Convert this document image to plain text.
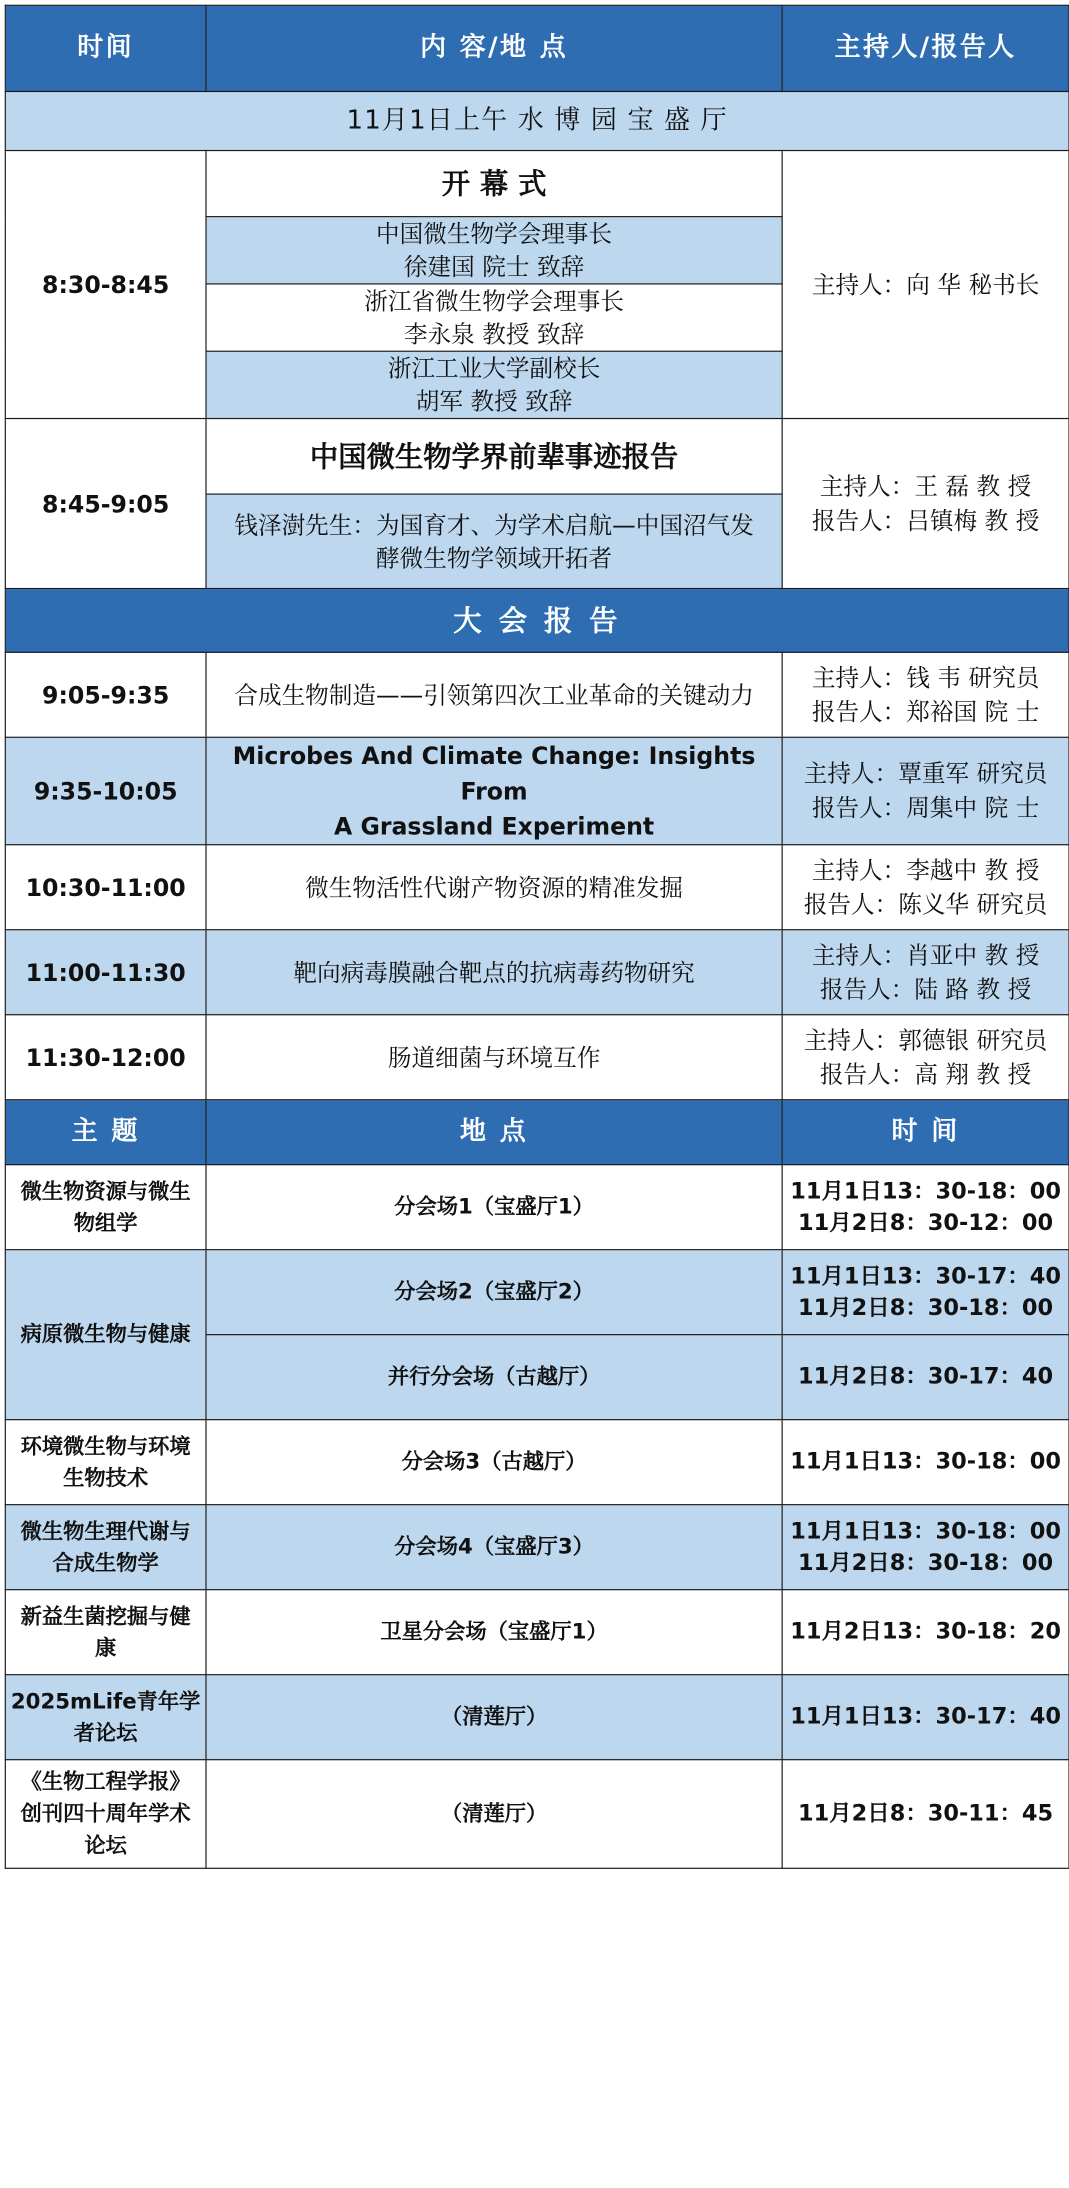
时间	内 容/地 点	主持人/报告人
11月1日上午 水 博 园 宝 盛 厅		
8:30-8:45	开 幕 式	主持人：向 华 秘书长

	中国微生物学会理事长
徐建国 院士 致辞	

	浙江省微生物学会理事长
李永泉 教授 致辞	

	浙江工业大学副校长
胡军 教授 致辞	

8:45-9:05	中国微生物学界前辈事迹报告	主持人：王 磊 教 授
报告人：吕镇梅 教 授

	钱泽澍先生：为国育才、为学术启航—中国沼气发
酵微生物学领域开拓者	

大 会 报 告		
9:05-9:35	合成生物制造——引领第四次工业革命的关键动力	主持人：钱 韦 研究员
报告人：郑裕国 院 士

9:35-10:05	Microbes And Climate Change: Insights From
A Grassland Experiment	主持人：覃重军 研究员
报告人：周集中 院 士

10:30-11:00	微生物活性代谢产物资源的精准发掘	主持人：李越中 教 授
报告人：陈义华 研究员

11:00-11:30	靶向病毒膜融合靶点的抗病毒药物研究	主持人：肖亚中 教 授
报告人：陆 路 教 授

11:30-12:00	肠道细菌与环境互作	主持人：郭德银 研究员
报告人：高 翔 教 授

主 题	地 点	时 间
微生物资源与微生物组学	分会场1（宝盛厅1）	11月1日13：30-18：00
11月2日8：30-12：00

病原微生物与健康	分会场2（宝盛厅2）	11月1日13：30-17：40
11月2日8：30-18：00

	并行分会场（古越厅）	11月2日8：30-17：40
环境微生物与环境生物技术	分会场3（古越厅）	11月1日13：30-18：00
微生物生理代谢与合成生物学	分会场4（宝盛厅3）	11月1日13：30-18：00
11月2日8：30-18：00

新益生菌挖掘与健康	卫星分会场（宝盛厅1）	11月2日13：30-18：20
2025mLife青年学者论坛	（清莲厅）	11月1日13：30-17：40
《生物工程学报》创刊四十周年学术论坛	（清莲厅）	11月2日8：30-11：45
